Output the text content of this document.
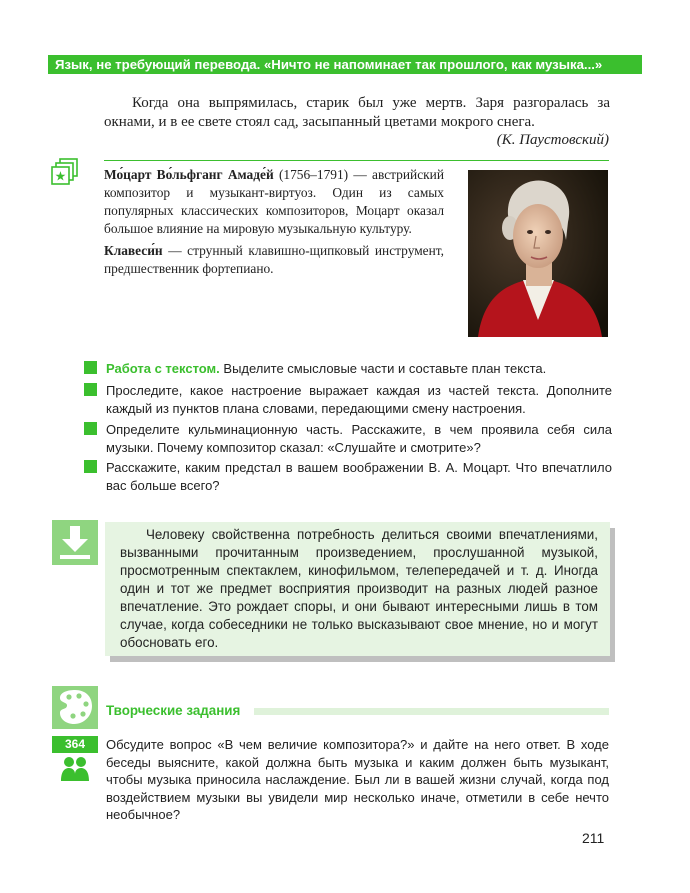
Язык, не требующий перевода. «Ничто не напоминает так прошлого, как музыка...»

Когда она выпрямилась, старик был уже мертв. Заря разгоралась за окнами, и в ее свете стоял сад, засыпанный цветами мокрого снега.

(К. Паустовский)
★	Мо́царт Во́льфганг Амаде́й (1756–1791) — австрийский композитор и музыкант-виртуоз. Один из самых популярных классических композиторов, Моцарт оказал большое влияние на мировую музыкальную культуру.

Клавеси́н — струнный клавишно-щипковый инструмент, предшественник фортепиано.

Работа с текстом. Выделите смысловые части и составьте план текста.
Проследите, какое настроение выражает каждая из частей текста. Дополните каждый из пунктов плана словами, передающими смену настроения.
Определите кульминационную часть. Расскажите, в чем проявила себя сила музыки. Почему композитор сказал: «Слушайте и смотрите»?
Расскажите, каким предстал в вашем воображении В. А. Моцарт. Что впечатлило вас больше всего?

Человеку свойственна потребность делиться своими впечатлениями, вызванными прочитанным произведением, прослушанной музыкой, просмотренным спектаклем, кинофильмом, телепередачей и т. д. Иногда один и тот же предмет восприятия производит на разных людей разное впечатление. Это рождает споры, и они бывают интересными лишь в том случае, когда собеседники не только высказывают свое мнение, но и могут обосновать его.

Творческие задания
364	Обсудите вопрос «В чем величие композитора?» и дайте на него ответ. В ходе беседы выясните, какой должна быть музыка и каким должен быть музыкант, чтобы музыка приносила наслаждение. Был ли в вашей жизни случай, когда под воздействием музыки вы увидели мир несколько иначе, отметили в себе нечто необычное?
211
